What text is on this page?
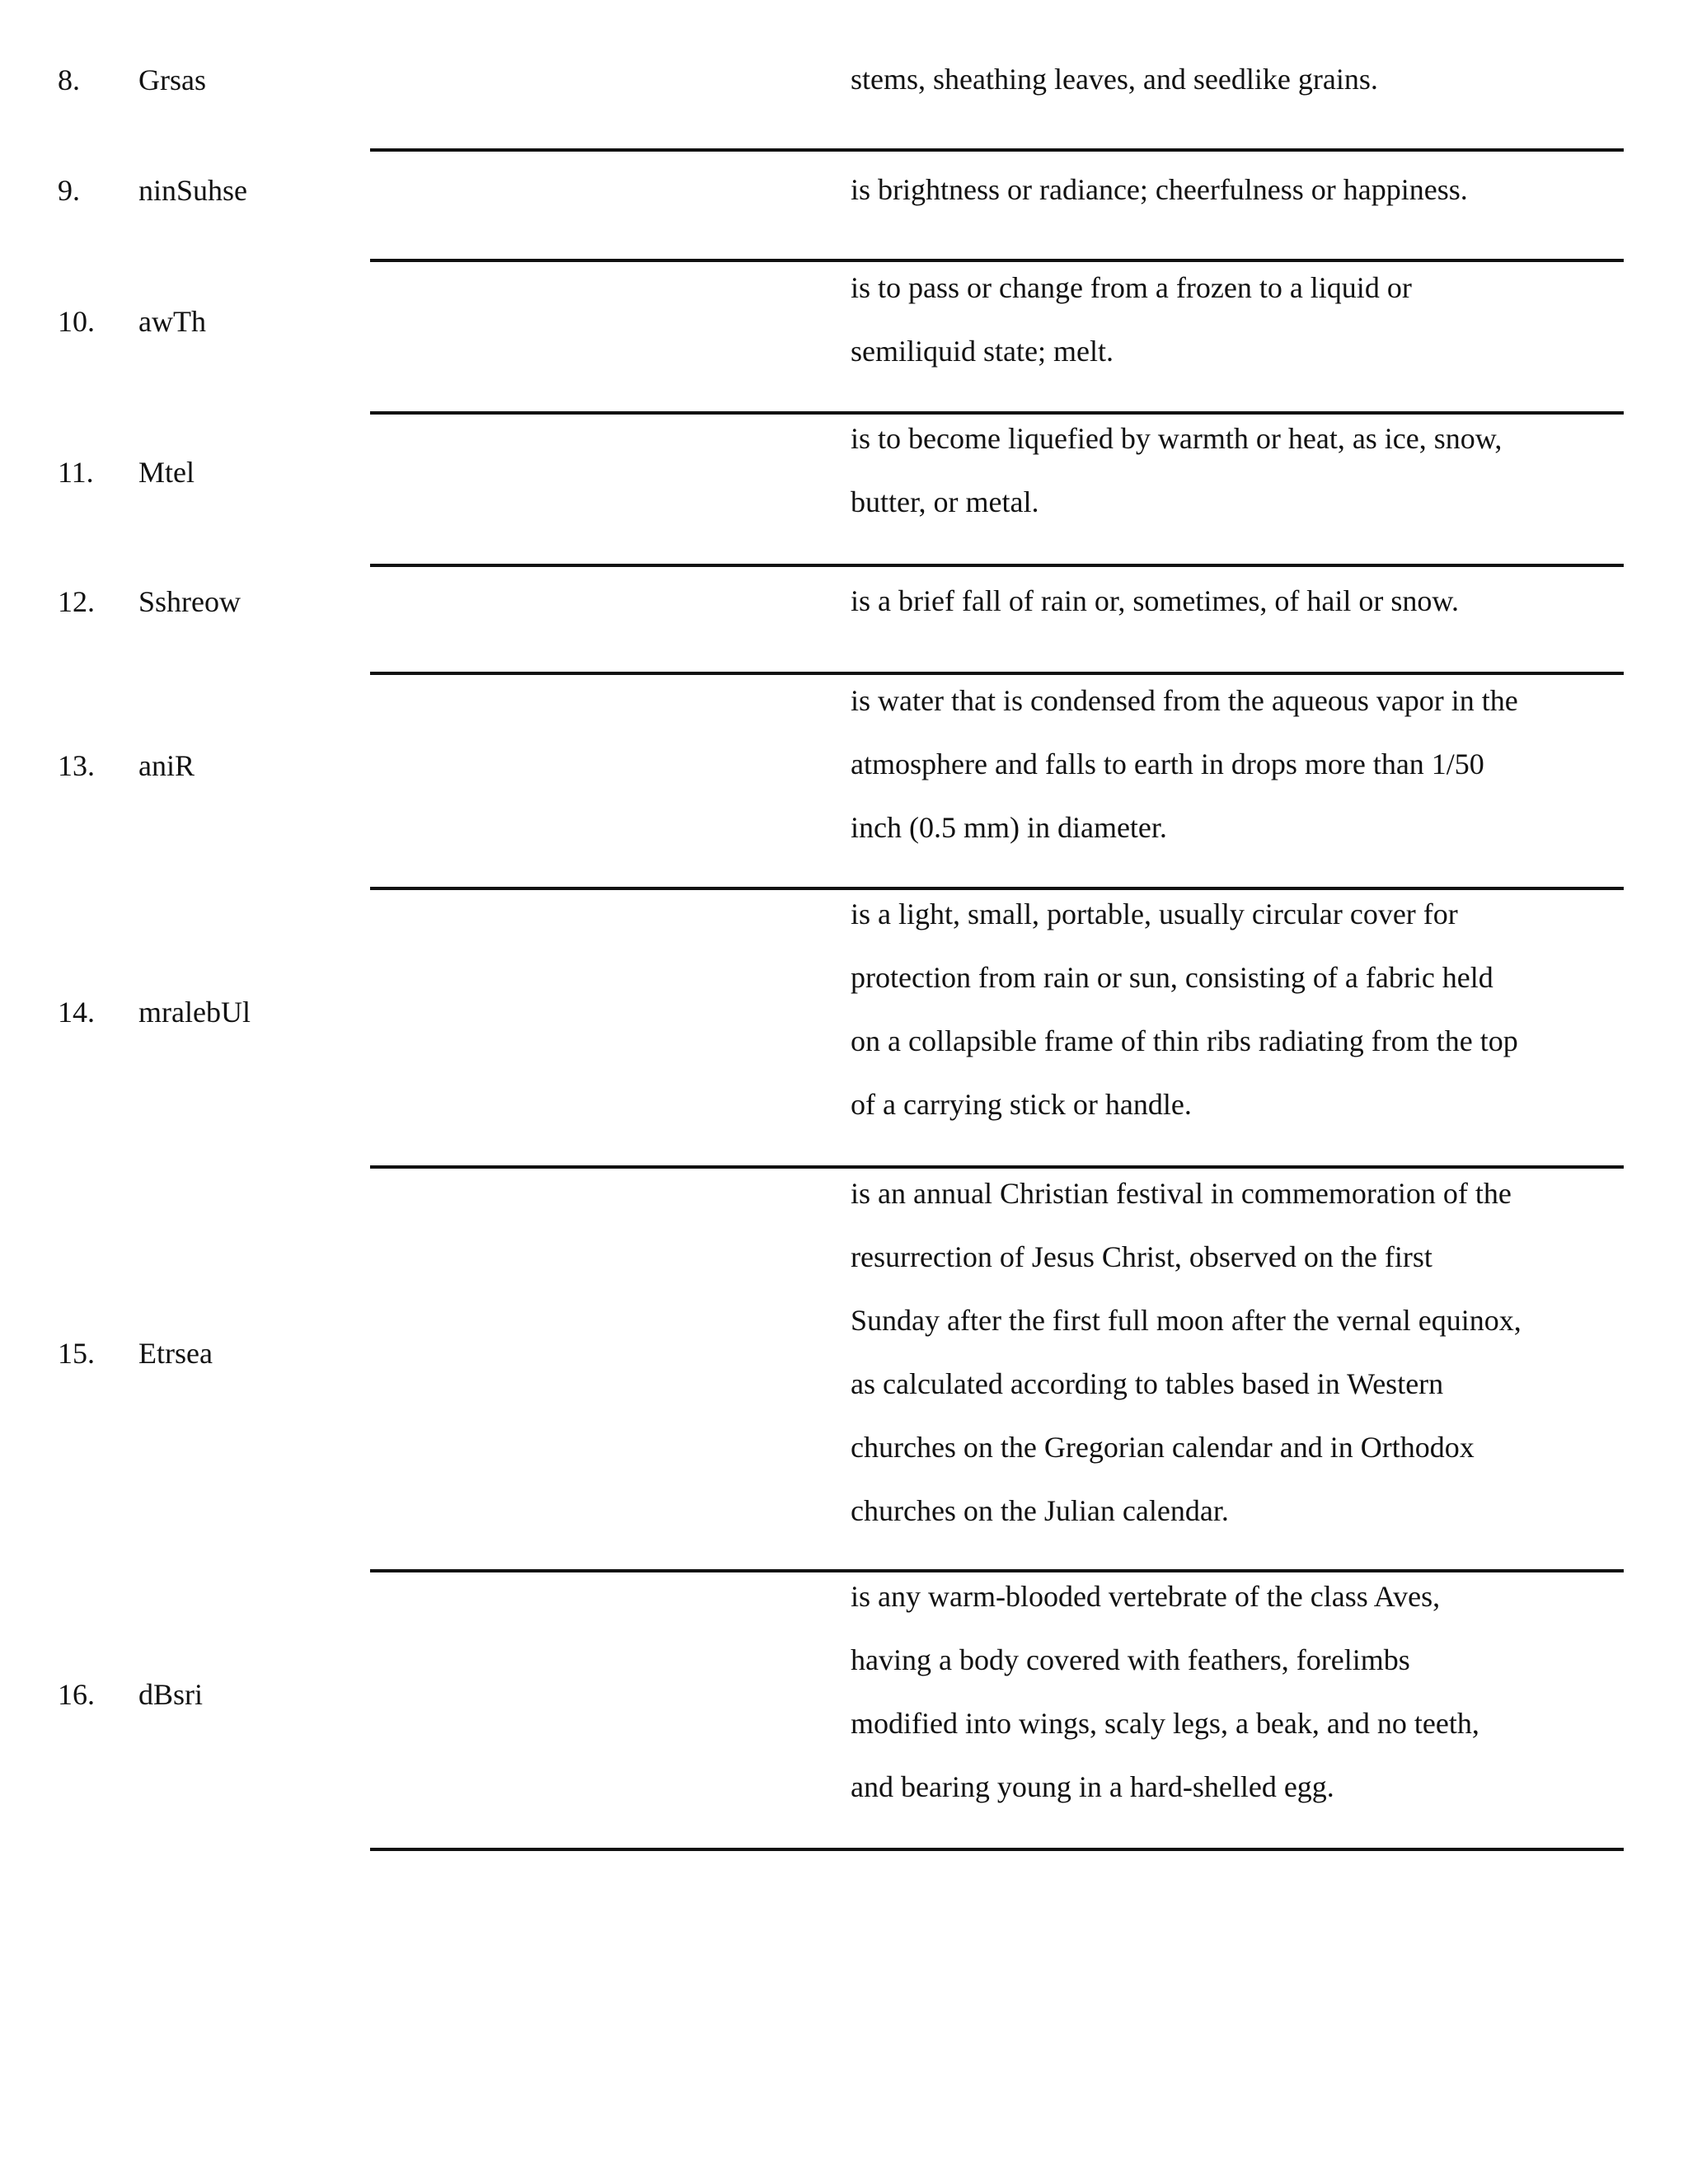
8. Grsas	stems, sheathing leaves, and seedlike grains.
9. ninSuhse	is brightness or radiance; cheerfulness or happiness.
10. awTh
is to pass or change from a frozen to a liquid or
semiliquid state; melt.
11. Mtel
is to become liquefied by warmth or heat, as ice, snow,
butter, or metal.
12. Sshreow	is a brief fall of rain or, sometimes, of hail or snow.
13. aniR
is water that is condensed from the aqueous vapor in the
atmosphere and falls to earth in drops more than 1/50
inch (0.5 mm) in diameter.
14. mralebUl
is a light, small, portable, usually circular cover for
protection from rain or sun, consisting of a fabric held
on a collapsible frame of thin ribs radiating from the top
of a carrying stick or handle.
15. Etrsea
is an annual Christian festival in commemoration of the
resurrection of Jesus Christ, observed on the first
Sunday after the first full moon after the vernal equinox,
as calculated according to tables based in Western
churches on the Gregorian calendar and in Orthodox
churches on the Julian calendar.
16. dBsri
is any warm-blooded vertebrate of the class Aves,
having a body covered with feathers, forelimbs
modified into wings, scaly legs, a beak, and no teeth,
and bearing young in a hard-shelled egg.
